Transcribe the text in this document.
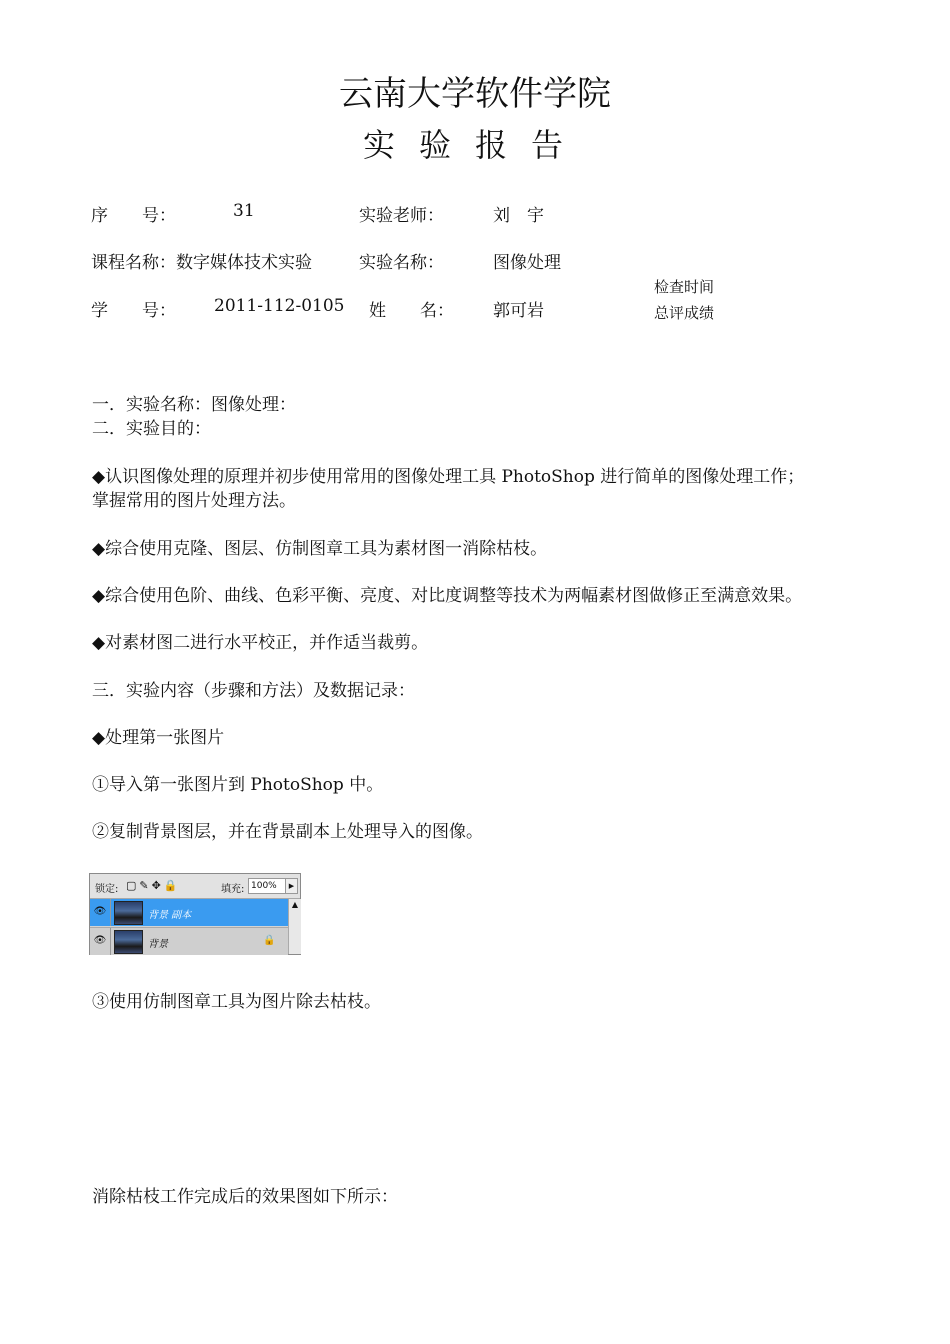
云南大学软件学院
实验报告
序　　号：	31	实验老师：	刘　宇
课程名称：数字媒体技术实验	实验名称：	图像处理
检查时间
总评成绩
学　　号： 2011-112-0105 姓　　名： 郭可岩
一．实验名称：图像处理：
二．实验目的：
◆认识图像处理的原理并初步使用常用的图像处理工具 PhotoShop 进行简单的图像处理工作；
掌握常用的图片处理方法。
◆综合使用克隆、图层、仿制图章工具为素材图一消除枯枝。
◆综合使用色阶、曲线、色彩平衡、亮度、对比度调整等技术为两幅素材图做修正至满意效果。
◆对素材图二进行水平校正，并作适当裁剪。
三．实验内容（步骤和方法）及数据记录：
◆处理第一张图片
①导入第一张图片到 PhotoShop 中。
②复制背景图层，并在背景副本上处理导入的图像。
锁定: ▢✎✥🔒	填充: 100%	▶
👁	背景 副本
👁	背景	🔒
▲
③使用仿制图章工具为图片除去枯枝。
消除枯枝工作完成后的效果图如下所示：
